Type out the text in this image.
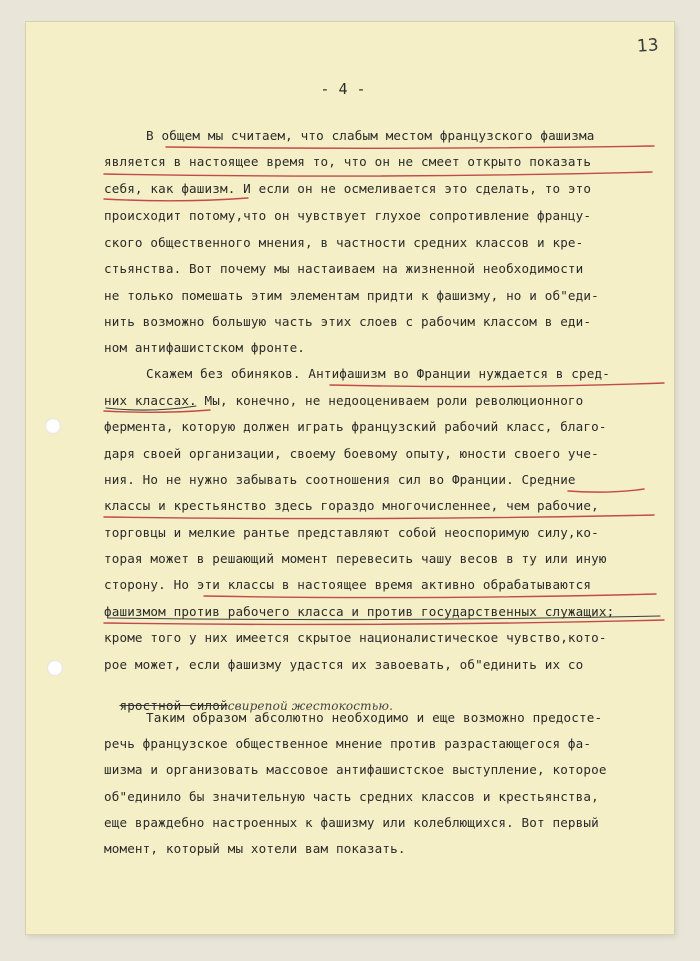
13
- 4 -

В общем мы считаем, что слабым местом французского фашизма

является в настоящее время то, что он не смеет открыто показать

себя, как фашизм. И если он не осмеливается это сделать, то это

происходит потому,что он чувствует глухое сопротивление францу-

ского общественного мнения, в частности средних классов и кре-

стьянства. Вот почему мы настаиваем на жизненной необходимости

не только помешать этим элементам придти к фашизму, но и об"еди-

нить возможно большую часть этих слоев с рабочим классом в еди-

ном антифашистском фронте.

Скажем без обиняков. Антифашизм во Франции нуждается в сред-

них классах. Мы, конечно, не недооцениваем роли революционного

фермента, которую должен играть французский рабочий класс, благо-

даря своей организации, своему боевому опыту, юности своего уче-

ния. Но не нужно забывать соотношения сил во Франции. Средние

классы и крестьянство здесь гораздо многочисленнее, чем рабочие,

торговцы и мелкие рантье представляют собой неоспоримую силу,ко-

торая может в решающий момент перевесить чашу весов в ту или иную

сторону. Но эти классы в настоящее время активно обрабатываются

фашизмом против рабочего класса и против государственных служащих;

кроме того у них имеется скрытое националистическое чувство,кото-

рое может, если фашизму удастся их завоевать, об"единить их со

яростной силойсвирепой жестокостью.

Таким образом абсолютно необходимо и еще возможно предосте-

речь французское общественное мнение против разрастающегося фа-

шизма и организовать массовое антифашистское выступление, которое

об"единило бы значительную часть средних классов и крестьянства,

еще враждебно настроенных к фашизму или колеблющихся. Вот первый

момент, который мы хотели вам показать.
